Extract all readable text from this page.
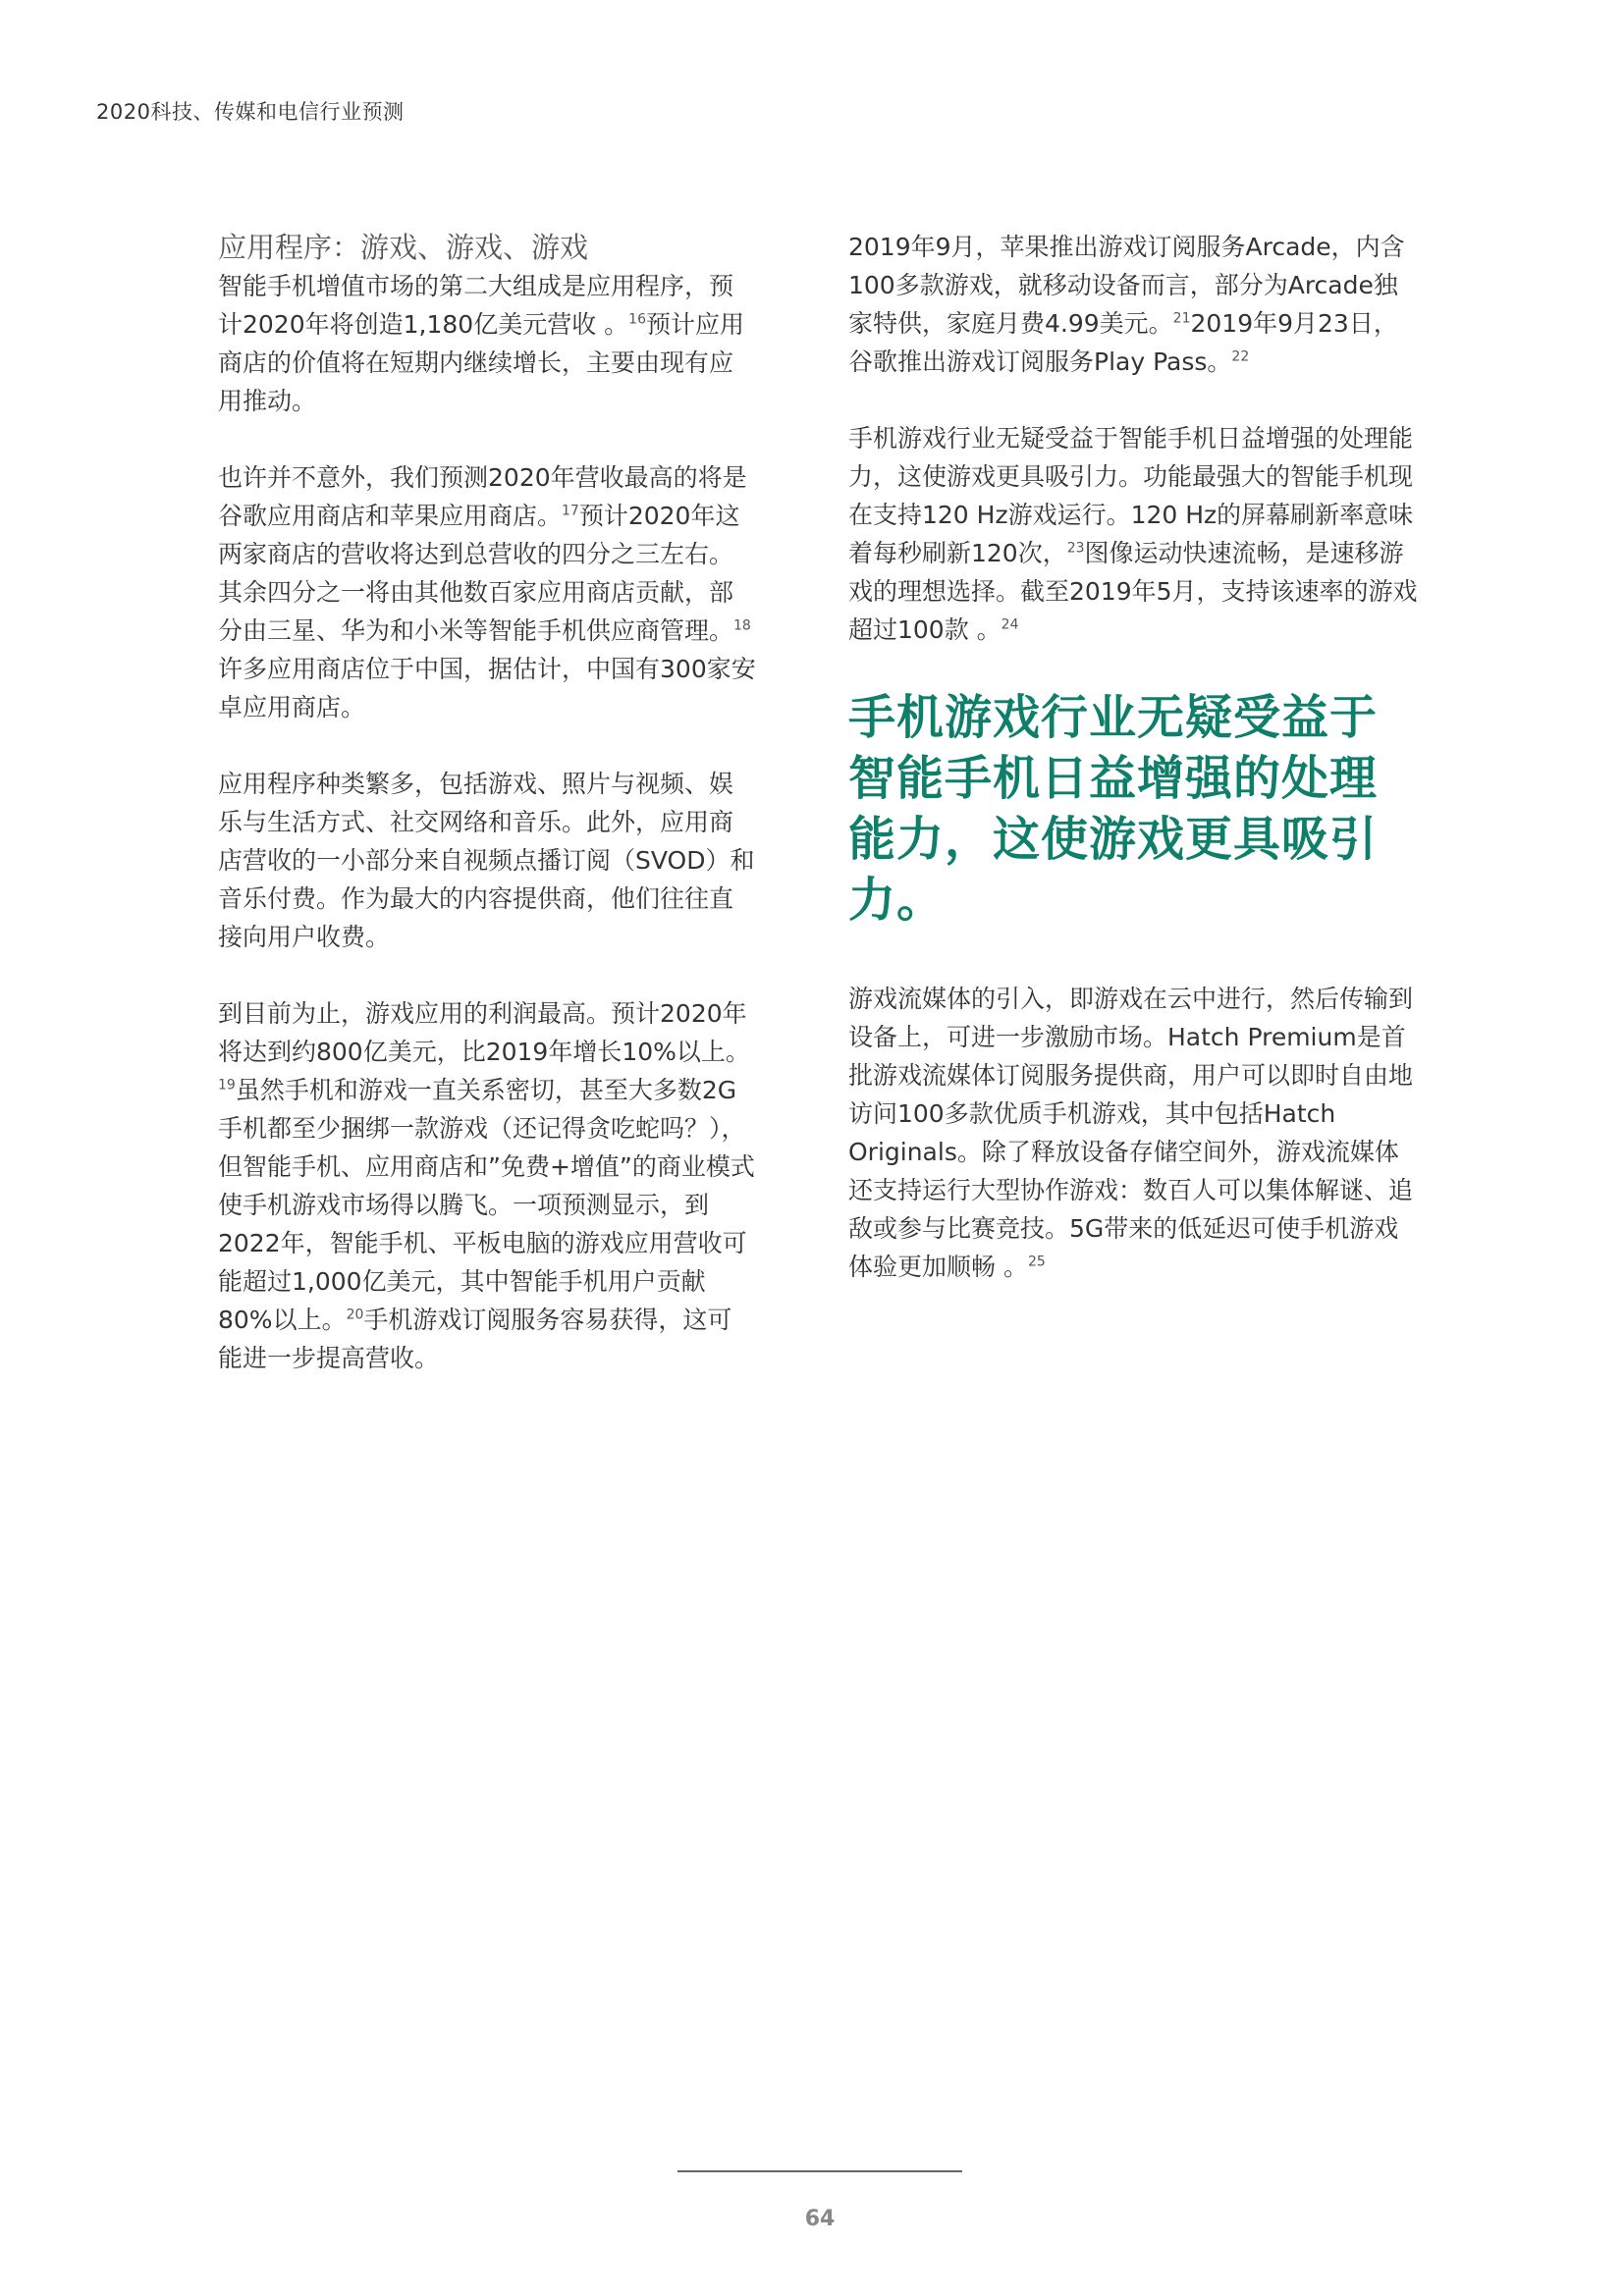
2020科技、传媒和电信行业预测
应用程序：游戏、游戏、游戏

智能手机增值市场的第二大组成是应用程序，预计2020年将创造1,180亿美元营收 。$^{16}$预计应用商店的价值将在短期内继续增长，主要由现有应用推动。

也许并不意外，我们预测2020年营收最高的将是谷歌应用商店和苹果应用商店。$^{17}$预计2020年这两家商店的营收将达到总营收的四分之三左右。其余四分之一将由其他数百家应用商店贡献，部分由三星、华为和小米等智能手机供应商管理。$^{18}$许多应用商店位于中国，据估计，中国有300家安卓应用商店。

应用程序种类繁多，包括游戏、照片与视频、娱乐与生活方式、社交网络和音乐。此外，应用商店营收的一小部分来自视频点播订阅（SVOD）和音乐付费。作为最大的内容提供商，他们往往直接向用户收费。

到目前为止，游戏应用的利润最高。预计2020年将达到约800亿美元，比2019年增长10%以上。$^{19}$虽然手机和游戏一直关系密切，甚至大多数2G手机都至少捆绑一款游戏（还记得贪吃蛇吗？），但智能手机、应用商店和”免费+增值”的商业模式使手机游戏市场得以腾飞。一项预测显示，到2022年，智能手机、平板电脑的游戏应用营收可能超过1,000亿美元，其中智能手机用户贡献80%以上。$^{20}$手机游戏订阅服务容易获得，这可能进一步提高营收。

2019年9月，苹果推出游戏订阅服务Arcade，内含100多款游戏，就移动设备而言，部分为Arcade独家特供，家庭月费4.99美元。$^{21}$2019年9月23日，谷歌推出游戏订阅服务Play Pass。$^{22}$

手机游戏行业无疑受益于智能手机日益增强的处理能力，这使游戏更具吸引力。功能最强大的智能手机现在支持120 Hz游戏运行。120 Hz的屏幕刷新率意味着每秒刷新120次，$^{23}$图像运动快速流畅，是速移游戏的理想选择。截至2019年5月，支持该速率的游戏超过100款 。$^{24}$

手机游戏行业无疑受益于智能手机日益增强的处理能力，这使游戏更具吸引力。

游戏流媒体的引入，即游戏在云中进行，然后传输到设备上，可进一步激励市场。Hatch Premium是首批游戏流媒体订阅服务提供商，用户可以即时自由地访问100多款优质手机游戏，其中包括Hatch Originals。除了释放设备存储空间外，游戏流媒体还支持运行大型协作游戏：数百人可以集体解谜、追敌或参与比赛竞技。5G带来的低延迟可使手机游戏体验更加顺畅 。$^{25}$

64
